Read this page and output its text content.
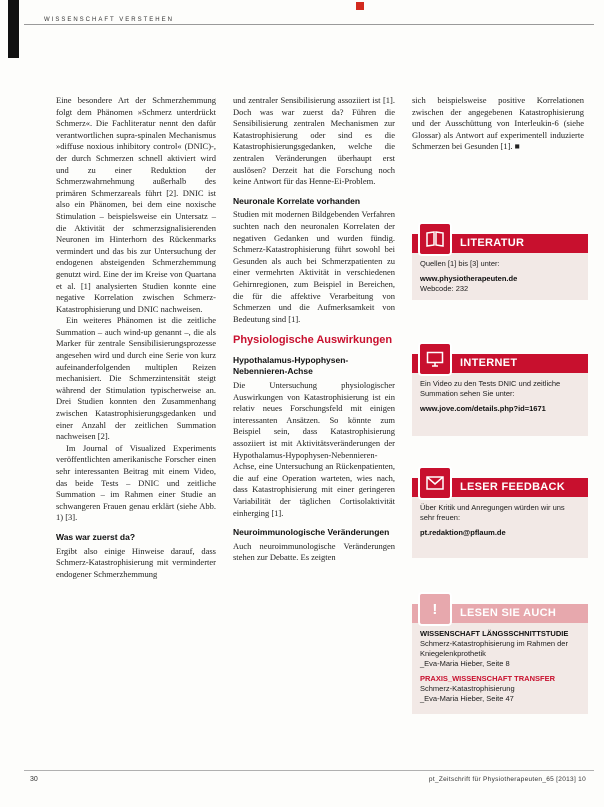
WISSENSCHAFT VERSTEHEN

Eine besondere Art der Schmerzhemmung folgt dem Phänomen »Schmerz unterdrückt Schmerz«. Die Fachliteratur nennt den dafür verantwortlichen supra-spinalen Mechanismus »diffuse noxious inhibitory control« (DNIC)-, der durch Schmerzen schnell aktiviert wird und zu einer Reduktion der Schmerzwahrnehmung außerhalb des primären Schmerzareals führt [2]. DNIC ist also ein Phänomen, bei dem eine noxische Stimulation – beispielsweise ein Untersatz – die Aktivität der schmerzsignalisierenden Neuronen im Hinterhorn des Rückenmarks vermindert und das bis zur Untersuchung der endogenen absteigenden Schmerzhemmung genutzt wird. Eine der im Kreise von Quartana et al. [1] analysierten Studien konnte eine negative Korrelation zwischen Schmerz-Katastrophisierung und DNIC nachweisen.

Ein weiteres Phänomen ist die zeitliche Summation – auch wind-up genannt –, die als Marker für zentrale Sensibilisierungsprozesse angesehen wird und durch eine Serie von kurz aufeinanderfolgenden multiplen Reizen mechanisiert. Die Schmerzintensität steigt während der Stimulation typischerweise an. Drei Studien konnten den Zusammenhang zwischen Katastrophisierungsgedanken und einer Anzahl der zeitlichen Summation nachweisen [2].

Im Journal of Visualized Experiments veröffentlichten amerikanische Forscher einen sehr interessanten Beitrag mit einem Video, das beide Tests – DNIC und zeitliche Summation – im Rahmen einer Studie an schwangeren Frauen genau erklärt (siehe Abb. 1) [3].

Was war zuerst da?

Ergibt also einige Hinweise darauf, dass Schmerz-Katastrophisierung mit verminderter endogener Schmerzhemmung

und zentraler Sensibilisierung assoziiert ist [1]. Doch was war zuerst da? Führen die Sensibilisierung zentralen Mechanismen zur Katastrophisierung oder sind es die Katastrophisierungsgedanken, welche die zentralen Veränderungen überhaupt erst auslösen? Derzeit hat die Forschung noch keine Antwort für das Henne-Ei-Problem.

Neuronale Korrelate vorhanden

Studien mit modernen Bildgebenden Verfahren suchten nach den neuronalen Korrelaten der negativen Gedanken und wurden fündig. Schmerz-Katastrophisierung führt sowohl bei Gesunden als auch bei Schmerzpatienten zu einer vermehrten Aktivität in verschiedenen Gehirnregionen, zum Beispiel in Bereichen, die für die affektive Verarbeitung von Schmerzen und die Aufmerksamkeit von Bedeutung sind [1].

Physiologische Auswirkungen
Hypothalamus-Hypophysen-Nebennieren-Achse

Die Untersuchung physiologischer Auswirkungen von Katastrophisierung ist ein relativ neues Forschungsfeld mit einigen interessanten Ansätzen. So könnte zum Beispiel sein, dass Katastrophisierung assoziiert ist mit Aktivitätsveränderungen der Hypothalamus-Hypophysen-Nebennieren-Achse, eine Untersuchung an Rückenpatienten, die auf eine Operation warteten, wies nach, dass Katastrophisierung mit einer geringeren Variabilität der täglichen Cortisolaktivität einherging [1].

Neuroimmunologische Veränderungen

Auch neuroimmunologische Veränderungen stehen zur Debatte. Es zeigten

sich beispielsweise positive Korrelationen zwischen der angegebenen Katastrophisierung und der Ausschüttung von Interleukin-6 (siehe Glossar) als Antwort auf experimentell induzierte Schmerzen bei Gesunden [1]. ■

LITERATUR
Quellen [1] bis [3] unter:
www.physiotherapeuten.de
Webcode: 232
INTERNET
Ein Video zu den Tests DNIC und zeitliche Summation sehen Sie unter:
www.jove.com/details.php?id=1671
LESER FEEDBACK
Über Kritik und Anregungen würden wir uns sehr freuen:
pt.redaktion@pflaum.de
!	LESEN SIE AUCH
WISSENSCHAFT LÄNGSSCHNITTSTUDIE
Schmerz-Katastrophisierung im Rahmen der Kniegelenkprothetik
_Eva-Maria Hieber, Seite 8
PRAXIS_WISSENSCHAFT TRANSFER
Schmerz-Katastrophisierung
_Eva-Maria Hieber, Seite 47
30	pt_Zeitschrift für Physiotherapeuten_65 [2013] 10
